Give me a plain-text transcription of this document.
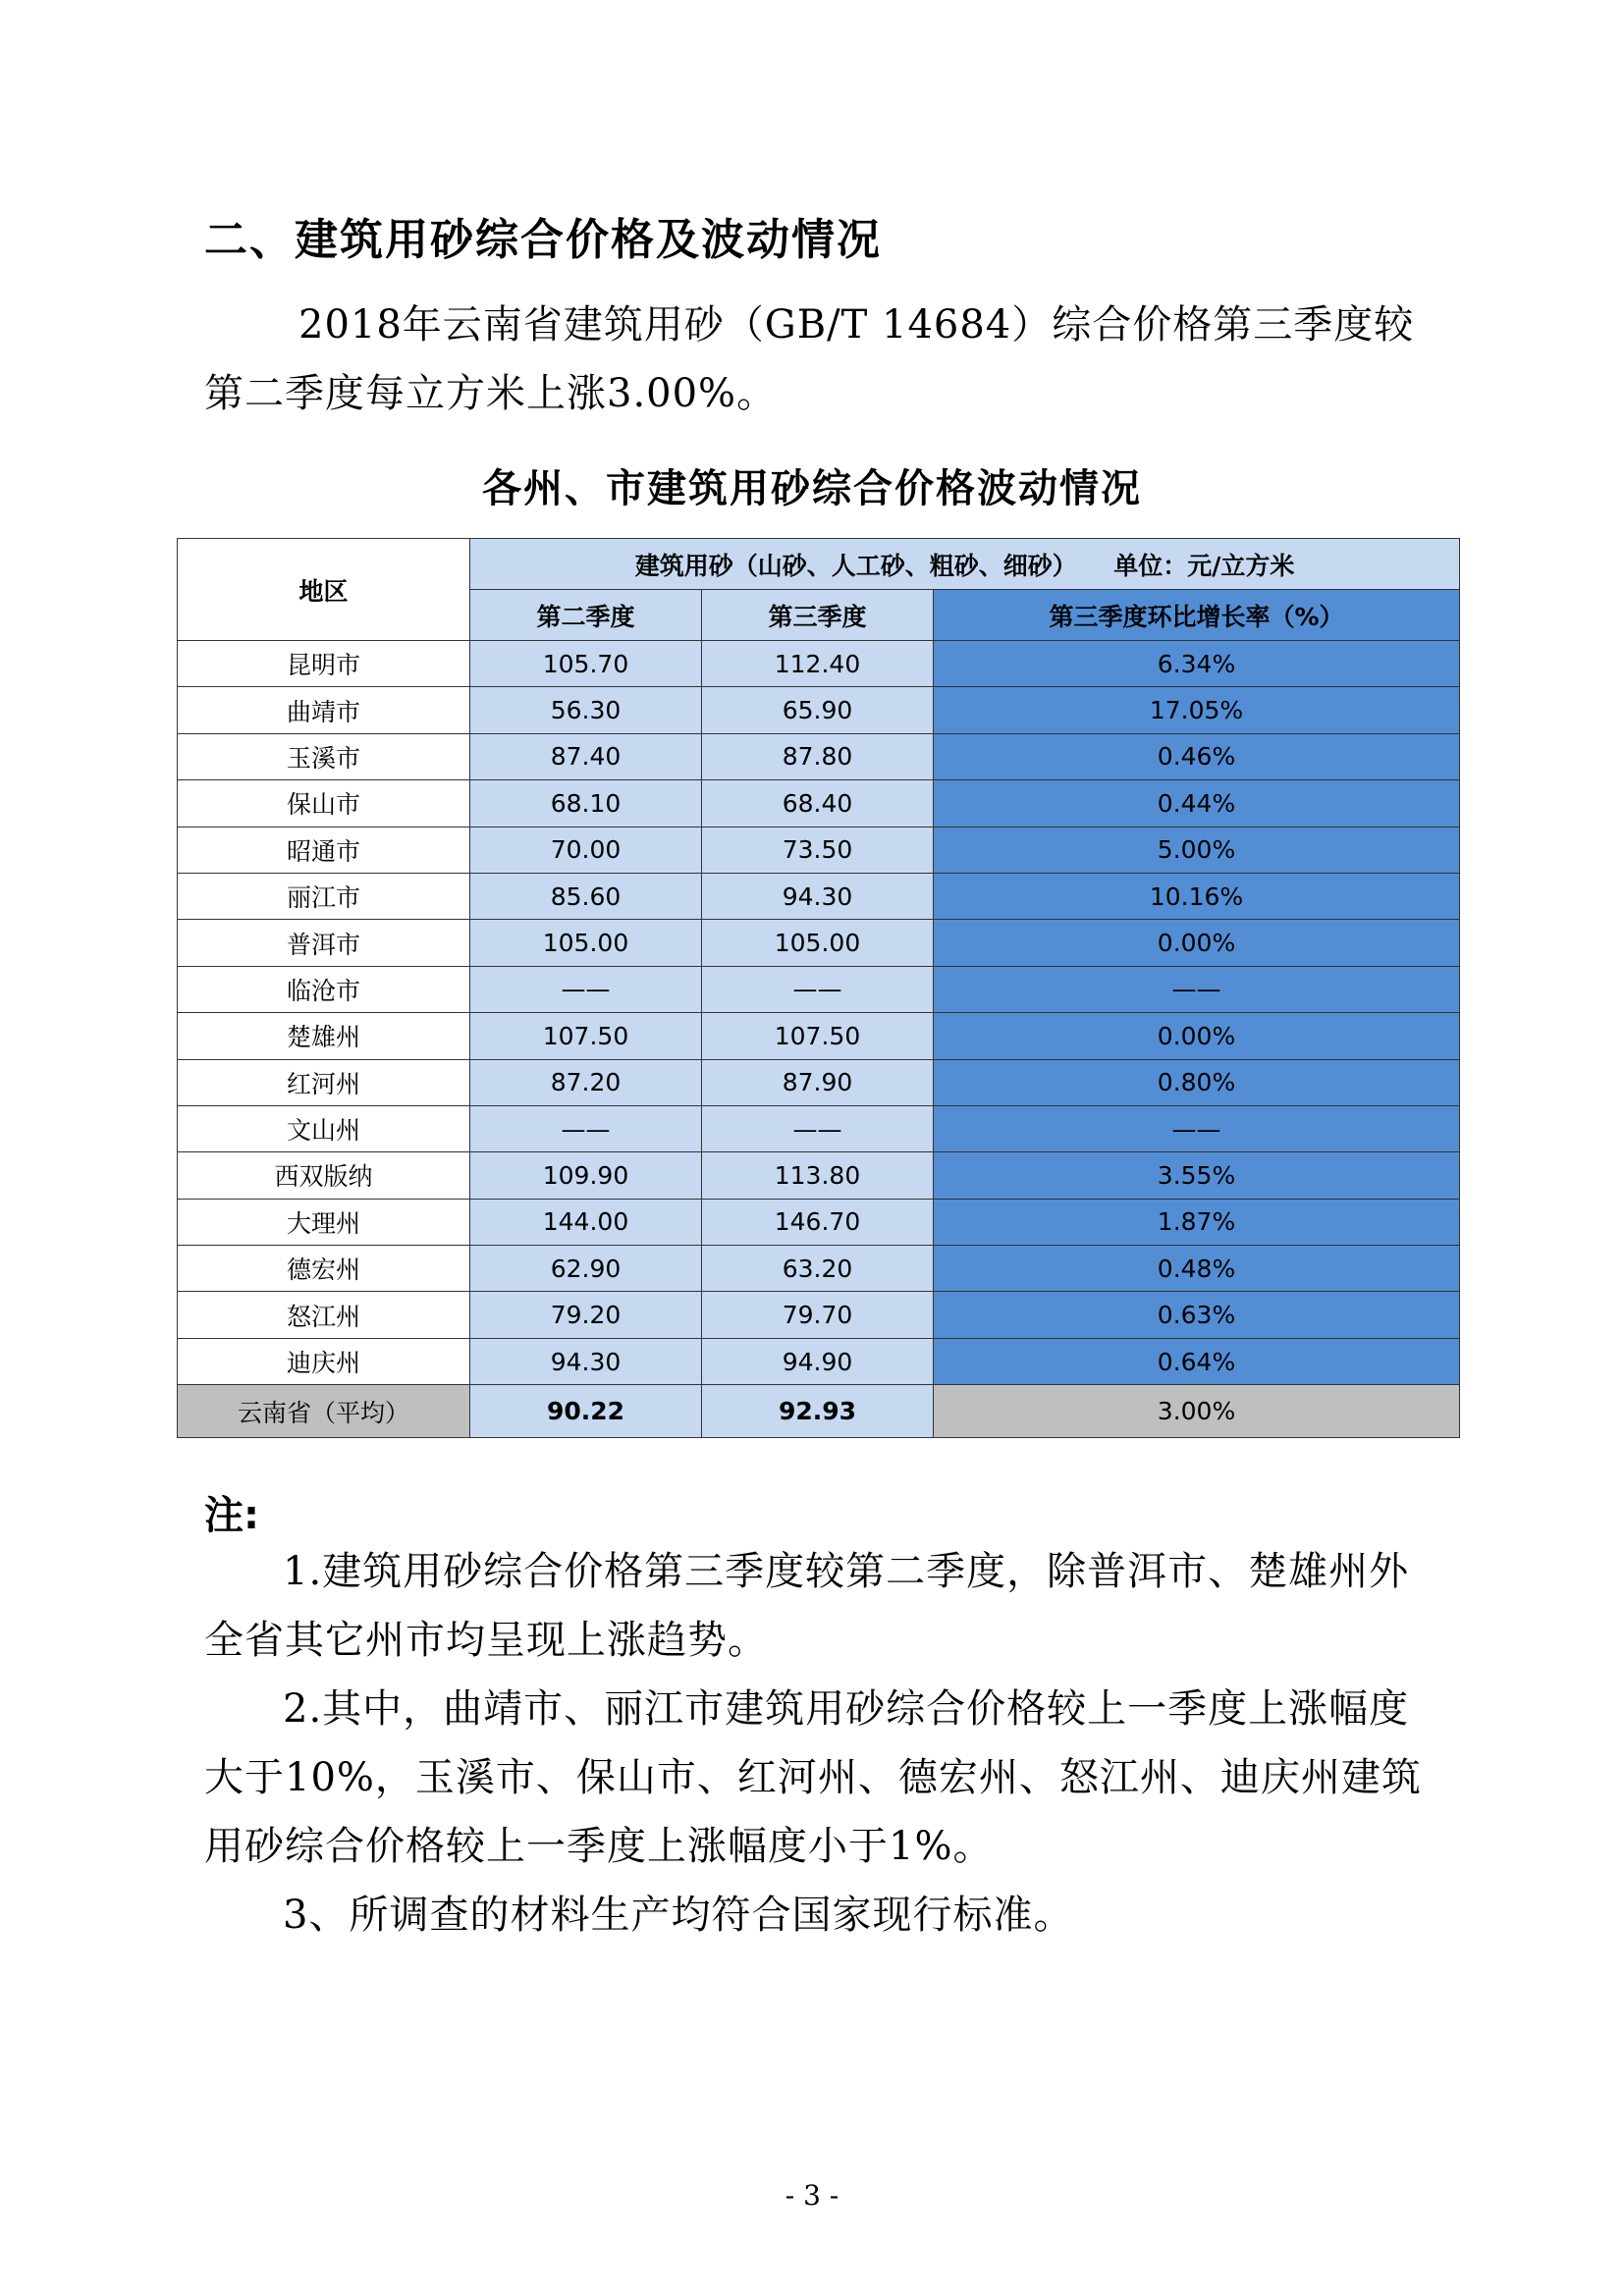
二、建筑用砂综合价格及波动情况

2018年云南省建筑用砂（GB/T 14684）综合价格第三季度较第二季度每立方米上涨3.00%。

各州、市建筑用砂综合价格波动情况

地区	建筑用砂（山砂、人工砂、粗砂、细砂）　　单位：元/立方米		
	第二季度	第三季度	第三季度环比增长率（%）
昆明市	105.70	112.40	6.34%
曲靖市	56.30	65.90	17.05%
玉溪市	87.40	87.80	0.46%
保山市	68.10	68.40	0.44%
昭通市	70.00	73.50	5.00%
丽江市	85.60	94.30	10.16%
普洱市	105.00	105.00	0.00%
临沧市	——	——	——
楚雄州	107.50	107.50	0.00%
红河州	87.20	87.90	0.80%
文山州	——	——	——
西双版纳	109.90	113.80	3.55%
大理州	144.00	146.70	1.87%
德宏州	62.90	63.20	0.48%
怒江州	79.20	79.70	0.63%
迪庆州	94.30	94.90	0.64%
云南省（平均）	90.22	92.93	3.00%

注:

1.建筑用砂综合价格第三季度较第二季度，除普洱市、楚雄州外全省其它州市均呈现上涨趋势。

2.其中，曲靖市、丽江市建筑用砂综合价格较上一季度上涨幅度大于10%，玉溪市、保山市、红河州、德宏州、怒江州、迪庆州建筑用砂综合价格较上一季度上涨幅度小于1%。

3、所调查的材料生产均符合国家现行标准。

- 3 -
